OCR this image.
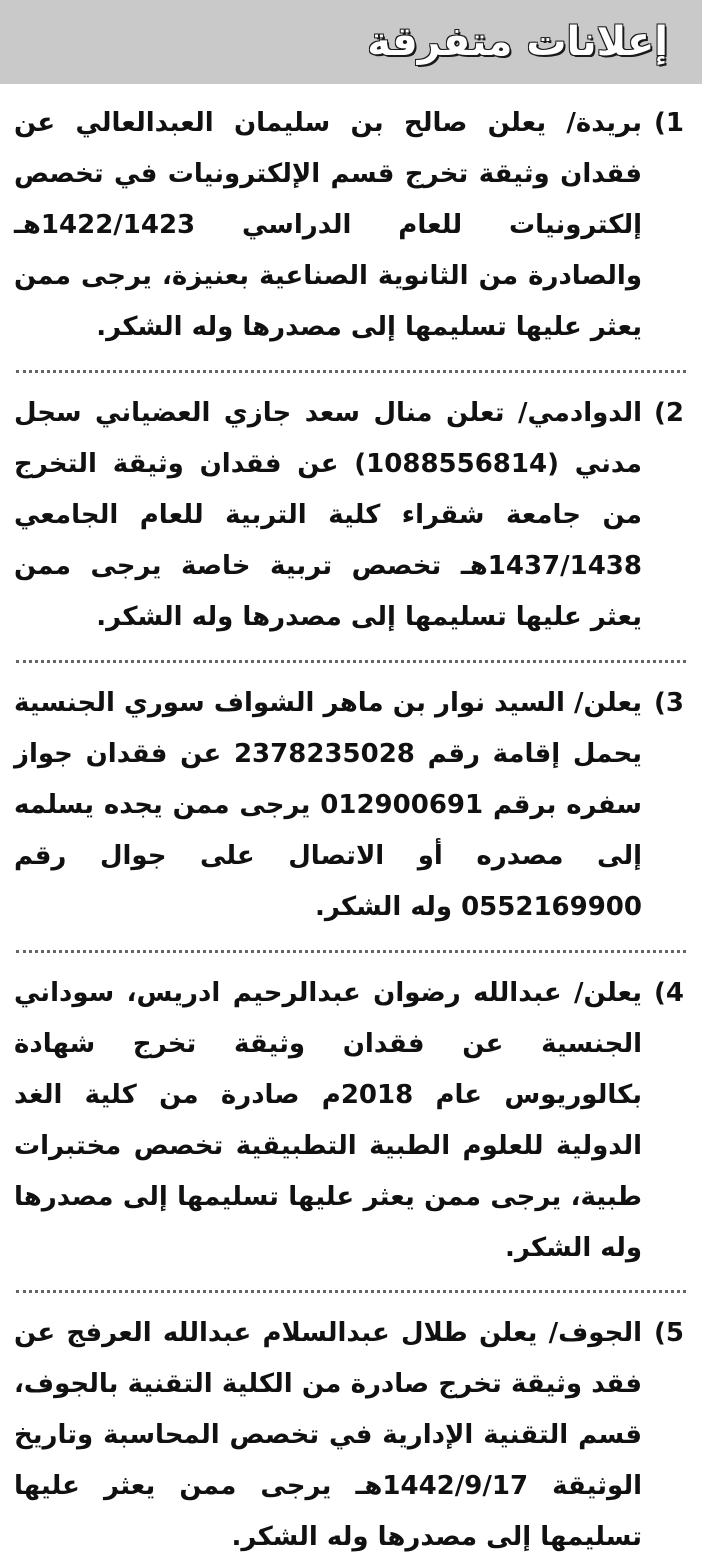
إعلانات متفرقة
1)
بريدة/ يعلن صالح بن سليمان العبدالعالي عن فقدان وثيقة تخرج قسم الإلكترونيات في تخصص إلكترونيات للعام الدراسي 1422/1423هـ والصادرة من الثانوية الصناعية بعنيزة، يرجى ممن يعثر عليها تسليمها إلى مصدرها وله الشكر.
2)
الدوادمي/ تعلن منال سعد جازي العضياني سجل مدني (1088556814) عن فقدان وثيقة التخرج من جامعة شقراء كلية التربية للعام الجامعي 1437/1438هـ تخصص تربية خاصة يرجى ممن يعثر عليها تسليمها إلى مصدرها وله الشكر.
3)
يعلن/ السيد نوار بن ماهر الشواف سوري الجنسية يحمل إقامة رقم 2378235028 عن فقدان جواز سفره برقم 012900691 يرجى ممن يجده يسلمه إلى مصدره أو الاتصال على جوال رقم 0552169900 وله الشكر.
4)
يعلن/ عبدالله رضوان عبدالرحيم ادريس، سوداني الجنسية عن فقدان وثيقة تخرج شهادة بكالوريوس عام 2018م صادرة من كلية الغد الدولية للعلوم الطبية التطبيقية تخصص مختبرات طبية، يرجى ممن يعثر عليها تسليمها إلى مصدرها وله الشكر.
5)
الجوف/ يعلن طلال عبدالسلام عبدالله العرفج عن فقد وثيقة تخرج صادرة من الكلية التقنية بالجوف، قسم التقنية الإدارية في تخصص المحاسبة وتاريخ الوثيقة 1442/9/17هـ يرجى ممن يعثر عليها تسليمها إلى مصدرها وله الشكر.
